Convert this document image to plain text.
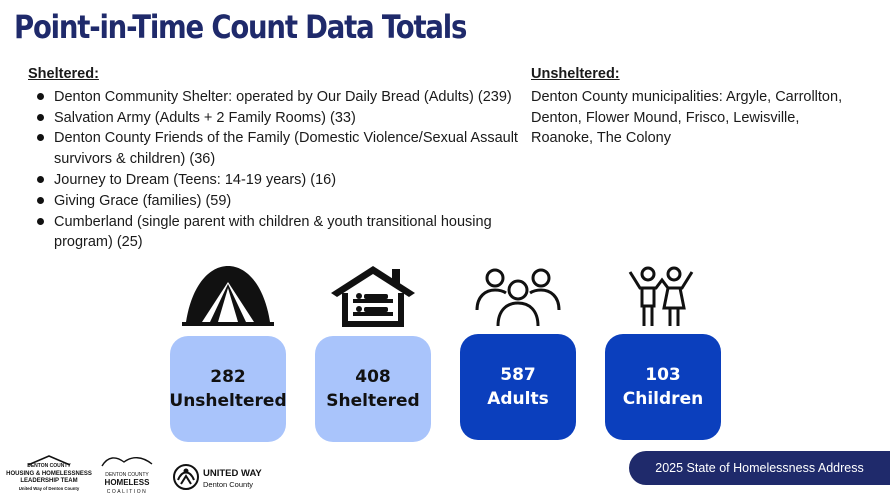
Point-in-Time Count Data Totals
Sheltered:
Denton Community Shelter: operated by Our Daily Bread (Adults) (239)
Salvation Army (Adults + 2 Family Rooms) (33)
Denton County Friends of the Family (Domestic Violence/Sexual Assault survivors & children) (36)
Journey to Dream (Teens: 14-19 years) (16)
Giving Grace (families) (59)
Cumberland (single parent with children & youth transitional housing program) (25)
Unsheltered:
Denton County municipalities: Argyle, Carrollton, Denton, Flower Mound, Frisco, Lewisville, Roanoke, The Colony
282
Unsheltered
408
Sheltered
587
Adults
103
Children
2025 State of Homelessness Address
DENTON COUNTY
HOUSING & HOMELESSNESS
LEADERSHIP TEAM
United Way of Denton County
DENTON COUNTY
HOMELESS
COALITION
UNITED WAY
Denton County
